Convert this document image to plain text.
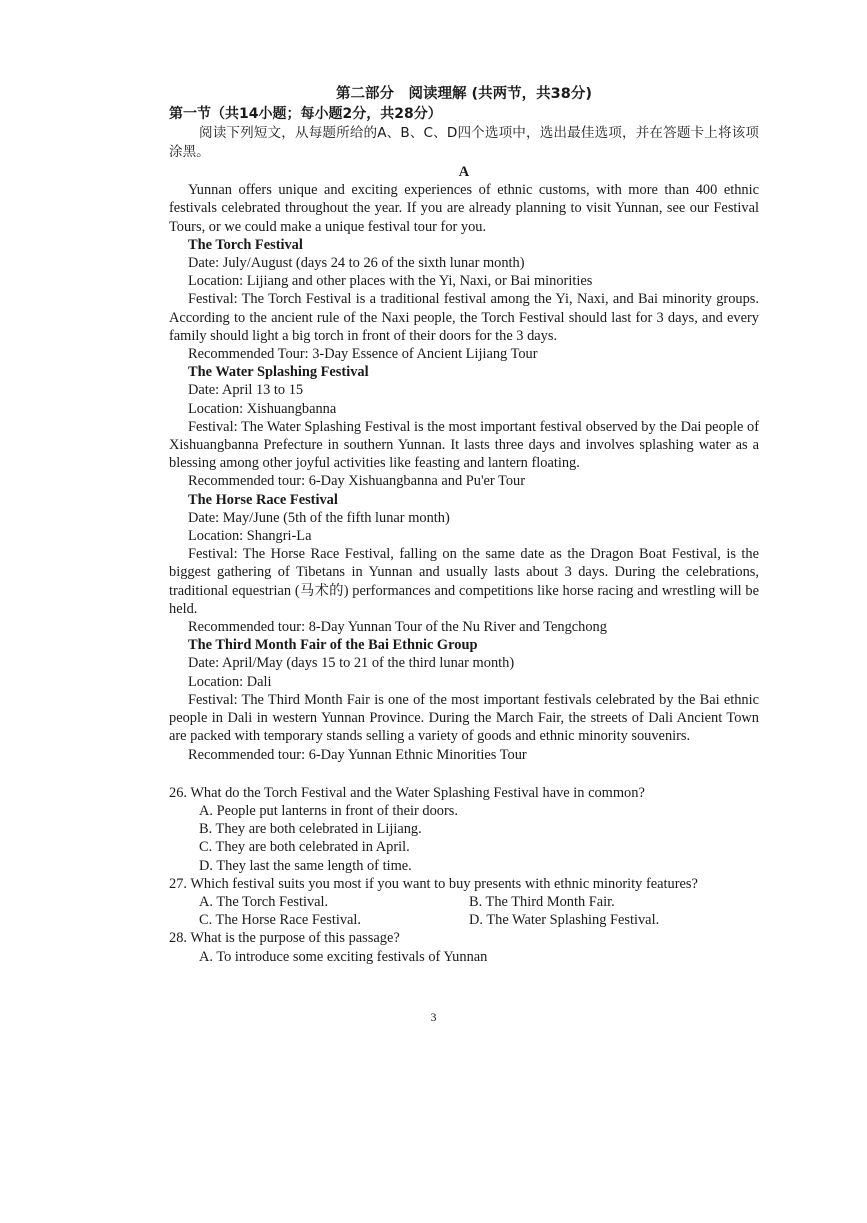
第二部分　阅读理解 (共两节，共38分)
第一节（共14小题；每小题2分，共28分）
阅读下列短文，从每题所给的A、B、C、D四个选项中，选出最佳选项，并在答题卡上将该项涂黑。
A
Yunnan offers unique and exciting experiences of ethnic customs, with more than 400 ethnic festivals celebrated throughout the year. If you are already planning to visit Yunnan, see our Festival Tours, or we could make a unique festival tour for you.
The Torch Festival
Date: July/August (days 24 to 26 of the sixth lunar month)
Location: Lijiang and other places with the Yi, Naxi, or Bai minorities
Festival: The Torch Festival is a traditional festival among the Yi, Naxi, and Bai minority groups. According to the ancient rule of the Naxi people, the Torch Festival should last for 3 days, and every family should light a big torch in front of their doors for the 3 days.
Recommended Tour: 3-Day Essence of Ancient Lijiang Tour
The Water Splashing Festival
Date: April 13 to 15
Location: Xishuangbanna
Festival: The Water Splashing Festival is the most important festival observed by the Dai people of Xishuangbanna Prefecture in southern Yunnan. It lasts three days and involves splashing water as a blessing among other joyful activities like feasting and lantern floating.
Recommended tour: 6-Day Xishuangbanna and Pu'er Tour
The Horse Race Festival
Date: May/June (5th of the fifth lunar month)
Location: Shangri-La
Festival: The Horse Race Festival, falling on the same date as the Dragon Boat Festival, is the biggest gathering of Tibetans in Yunnan and usually lasts about 3 days. During the celebrations, traditional equestrian (马术的) performances and competitions like horse racing and wrestling will be held.
Recommended tour: 8-Day Yunnan Tour of the Nu River and Tengchong
The Third Month Fair of the Bai Ethnic Group
Date: April/May (days 15 to 21 of the third lunar month)
Location: Dali
Festival: The Third Month Fair is one of the most important festivals celebrated by the Bai ethnic people in Dali in western Yunnan Province. During the March Fair, the streets of Dali Ancient Town are packed with temporary stands selling a variety of goods and ethnic minority souvenirs.
Recommended tour: 6-Day Yunnan Ethnic Minorities Tour
26. What do the Torch Festival and the Water Splashing Festival have in common?
A. People put lanterns in front of their doors.
B. They are both celebrated in Lijiang.
C. They are both celebrated in April.
D. They last the same length of time.
27. Which festival suits you most if you want to buy presents with ethnic minority features?
A. The Torch Festival.	B. The Third Month Fair.
C. The Horse Race Festival.	D. The Water Splashing Festival.
28. What is the purpose of this passage?
A. To introduce some exciting festivals of Yunnan
3
